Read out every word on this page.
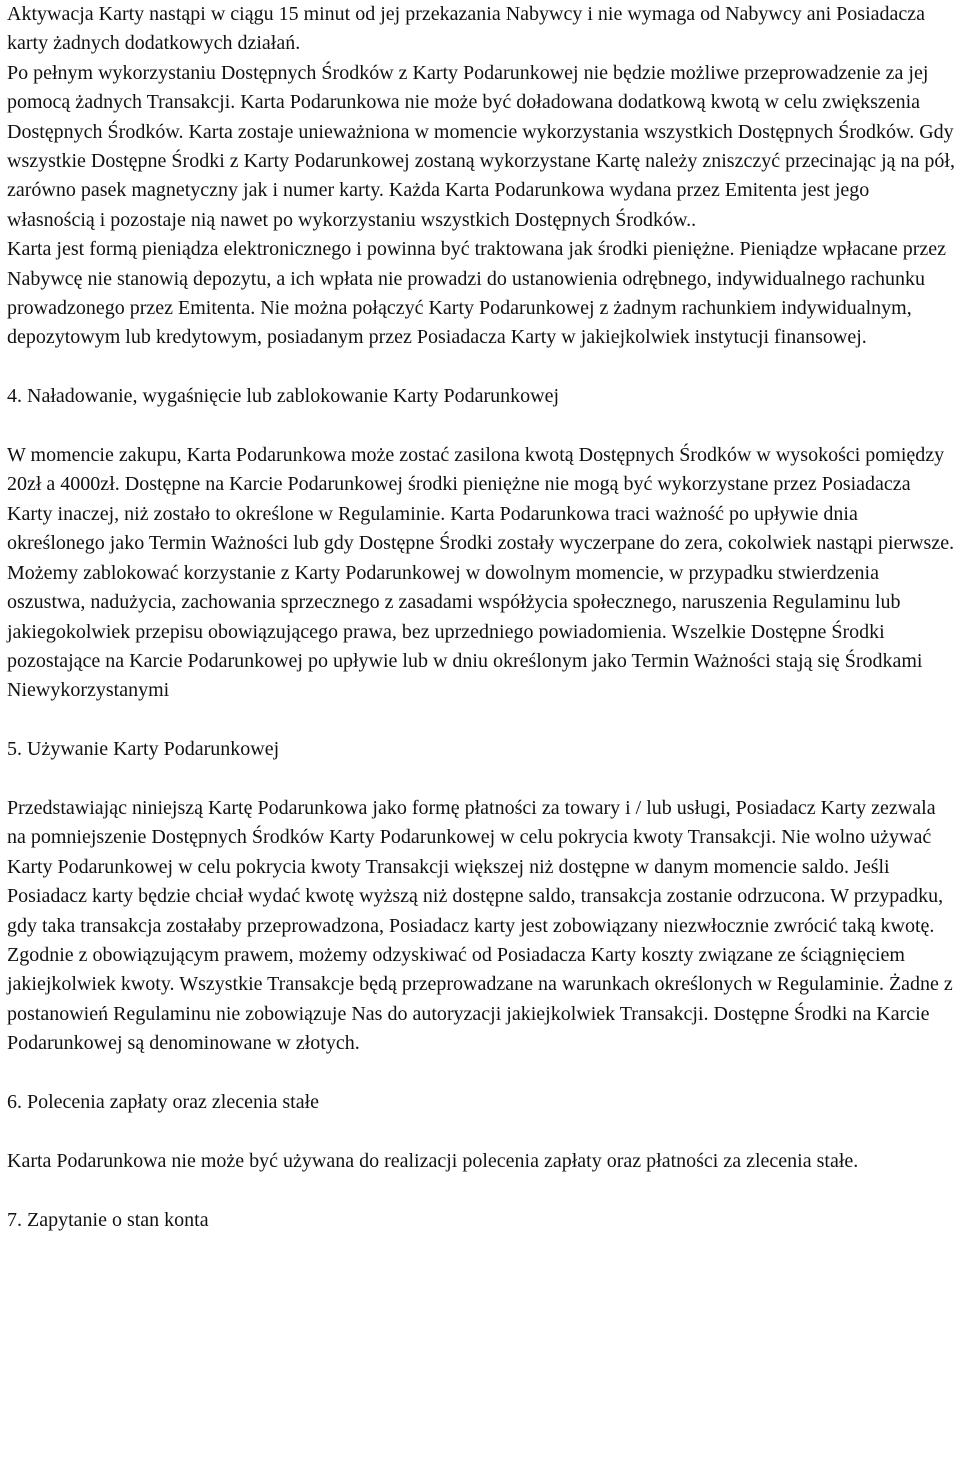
Aktywacja Karty nastąpi w ciągu 15 minut od jej przekazania Nabywcy i nie wymaga od Nabywcy ani Posiadacza karty żadnych dodatkowych działań.

Po pełnym wykorzystaniu Dostępnych Środków z Karty Podarunkowej nie będzie możliwe przeprowadzenie za jej pomocą żadnych Transakcji. Karta Podarunkowa nie może być doładowana dodatkową kwotą w celu zwiększenia Dostępnych Środków. Karta zostaje unieważniona w momencie wykorzystania wszystkich Dostępnych Środków. Gdy wszystkie Dostępne Środki z Karty Podarunkowej zostaną wykorzystane Kartę należy zniszczyć przecinając ją na pół, zarówno pasek magnetyczny jak i numer karty. Każda Karta Podarunkowa wydana przez Emitenta jest jego własnością i pozostaje nią nawet po wykorzystaniu wszystkich Dostępnych Środków..

Karta jest formą pieniądza elektronicznego i powinna być traktowana jak środki pieniężne. Pieniądze wpłacane przez Nabywcę nie stanowią depozytu, a ich wpłata nie prowadzi do ustanowienia odrębnego, indywidualnego rachunku prowadzonego przez Emitenta. Nie można połączyć Karty Podarunkowej z żadnym rachunkiem indywidualnym, depozytowym lub kredytowym, posiadanym przez Posiadacza Karty w jakiejkolwiek instytucji finansowej.

4. Naładowanie, wygaśnięcie lub zablokowanie Karty Podarunkowej

W momencie zakupu, Karta Podarunkowa może zostać zasilona kwotą Dostępnych Środków w wysokości pomiędzy 20zł a 4000zł. Dostępne na Karcie Podarunkowej środki pieniężne nie mogą być wykorzystane przez Posiadacza Karty inaczej, niż zostało to określone w Regulaminie. Karta Podarunkowa traci ważność po upływie dnia określonego jako Termin Ważności lub gdy Dostępne Środki zostały wyczerpane do zera, cokolwiek nastąpi pierwsze. Możemy zablokować korzystanie z Karty Podarunkowej w dowolnym momencie, w przypadku stwierdzenia oszustwa, nadużycia, zachowania sprzecznego z zasadami współżycia społecznego, naruszenia Regulaminu lub jakiegokolwiek przepisu obowiązującego prawa, bez uprzedniego powiadomienia. Wszelkie Dostępne Środki pozostające na Karcie Podarunkowej po upływie lub w dniu określonym jako Termin Ważności stają się Środkami Niewykorzystanymi

5. Używanie Karty Podarunkowej

Przedstawiając niniejszą Kartę Podarunkowa jako formę płatności za towary i / lub usługi, Posiadacz Karty zezwala na pomniejszenie Dostępnych Środków Karty Podarunkowej w celu pokrycia kwoty Transakcji. Nie wolno używać Karty Podarunkowej w celu pokrycia kwoty Transakcji większej niż dostępne w danym momencie saldo. Jeśli Posiadacz karty będzie chciał wydać kwotę wyższą niż dostępne saldo, transakcja zostanie odrzucona. W przypadku, gdy taka transakcja zostałaby przeprowadzona, Posiadacz karty jest zobowiązany niezwłocznie zwrócić taką kwotę. Zgodnie z obowiązującym prawem, możemy odzyskiwać od Posiadacza Karty koszty związane ze ściągnięciem jakiejkolwiek kwoty. Wszystkie Transakcje będą przeprowadzane na warunkach określonych w Regulaminie. Żadne z postanowień Regulaminu nie zobowiązuje Nas do autoryzacji jakiejkolwiek Transakcji. Dostępne Środki na Karcie Podarunkowej są denominowane w złotych.

6. Polecenia zapłaty oraz zlecenia stałe

Karta Podarunkowa nie może być używana do realizacji polecenia zapłaty oraz płatności za zlecenia stałe.

7. Zapytanie o stan konta
